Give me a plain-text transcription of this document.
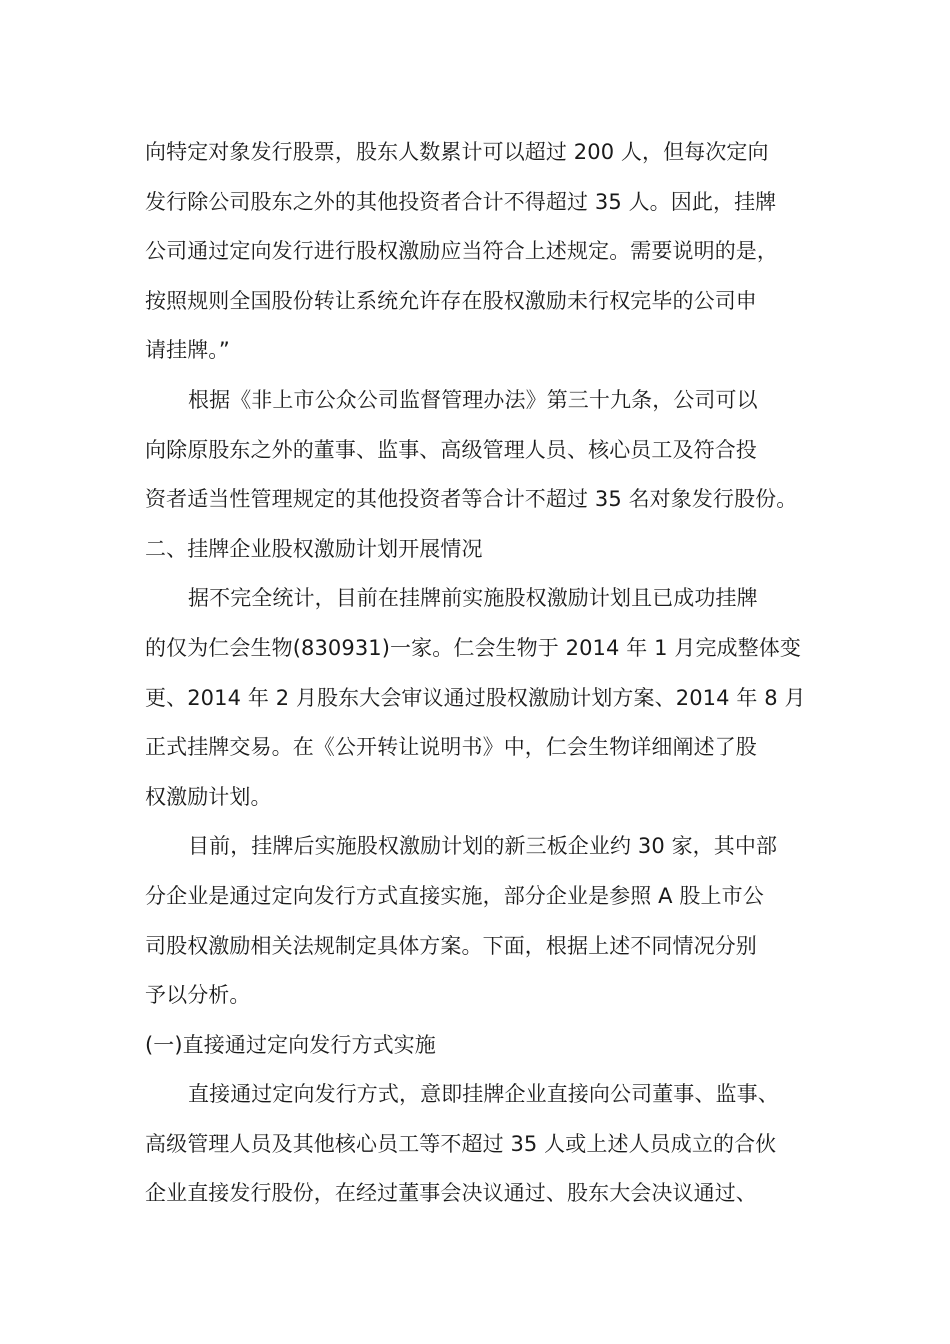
向特定对象发行股票，股东人数累计可以超过 200 人，但每次定向
发行除公司股东之外的其他投资者合计不得超过 35 人。因此，挂牌
公司通过定向发行进行股权激励应当符合上述规定。需要说明的是，
按照规则全国股份转让系统允许存在股权激励未行权完毕的公司申
请挂牌。”
根据《非上市公众公司监督管理办法》第三十九条，公司可以
向除原股东之外的董事、监事、高级管理人员、核心员工及符合投
资者适当性管理规定的其他投资者等合计不超过 35 名对象发行股份。
二、挂牌企业股权激励计划开展情况
据不完全统计，目前在挂牌前实施股权激励计划且已成功挂牌
的仅为仁会生物(830931)一家。仁会生物于 2014 年 1 月完成整体变
更、2014 年 2 月股东大会审议通过股权激励计划方案、2014 年 8 月
正式挂牌交易。在《公开转让说明书》中，仁会生物详细阐述了股
权激励计划。
目前，挂牌后实施股权激励计划的新三板企业约 30 家，其中部
分企业是通过定向发行方式直接实施，部分企业是参照 A 股上市公
司股权激励相关法规制定具体方案。下面，根据上述不同情况分别
予以分析。
(一)直接通过定向发行方式实施
直接通过定向发行方式，意即挂牌企业直接向公司董事、监事、
高级管理人员及其他核心员工等不超过 35 人或上述人员成立的合伙
企业直接发行股份，在经过董事会决议通过、股东大会决议通过、
